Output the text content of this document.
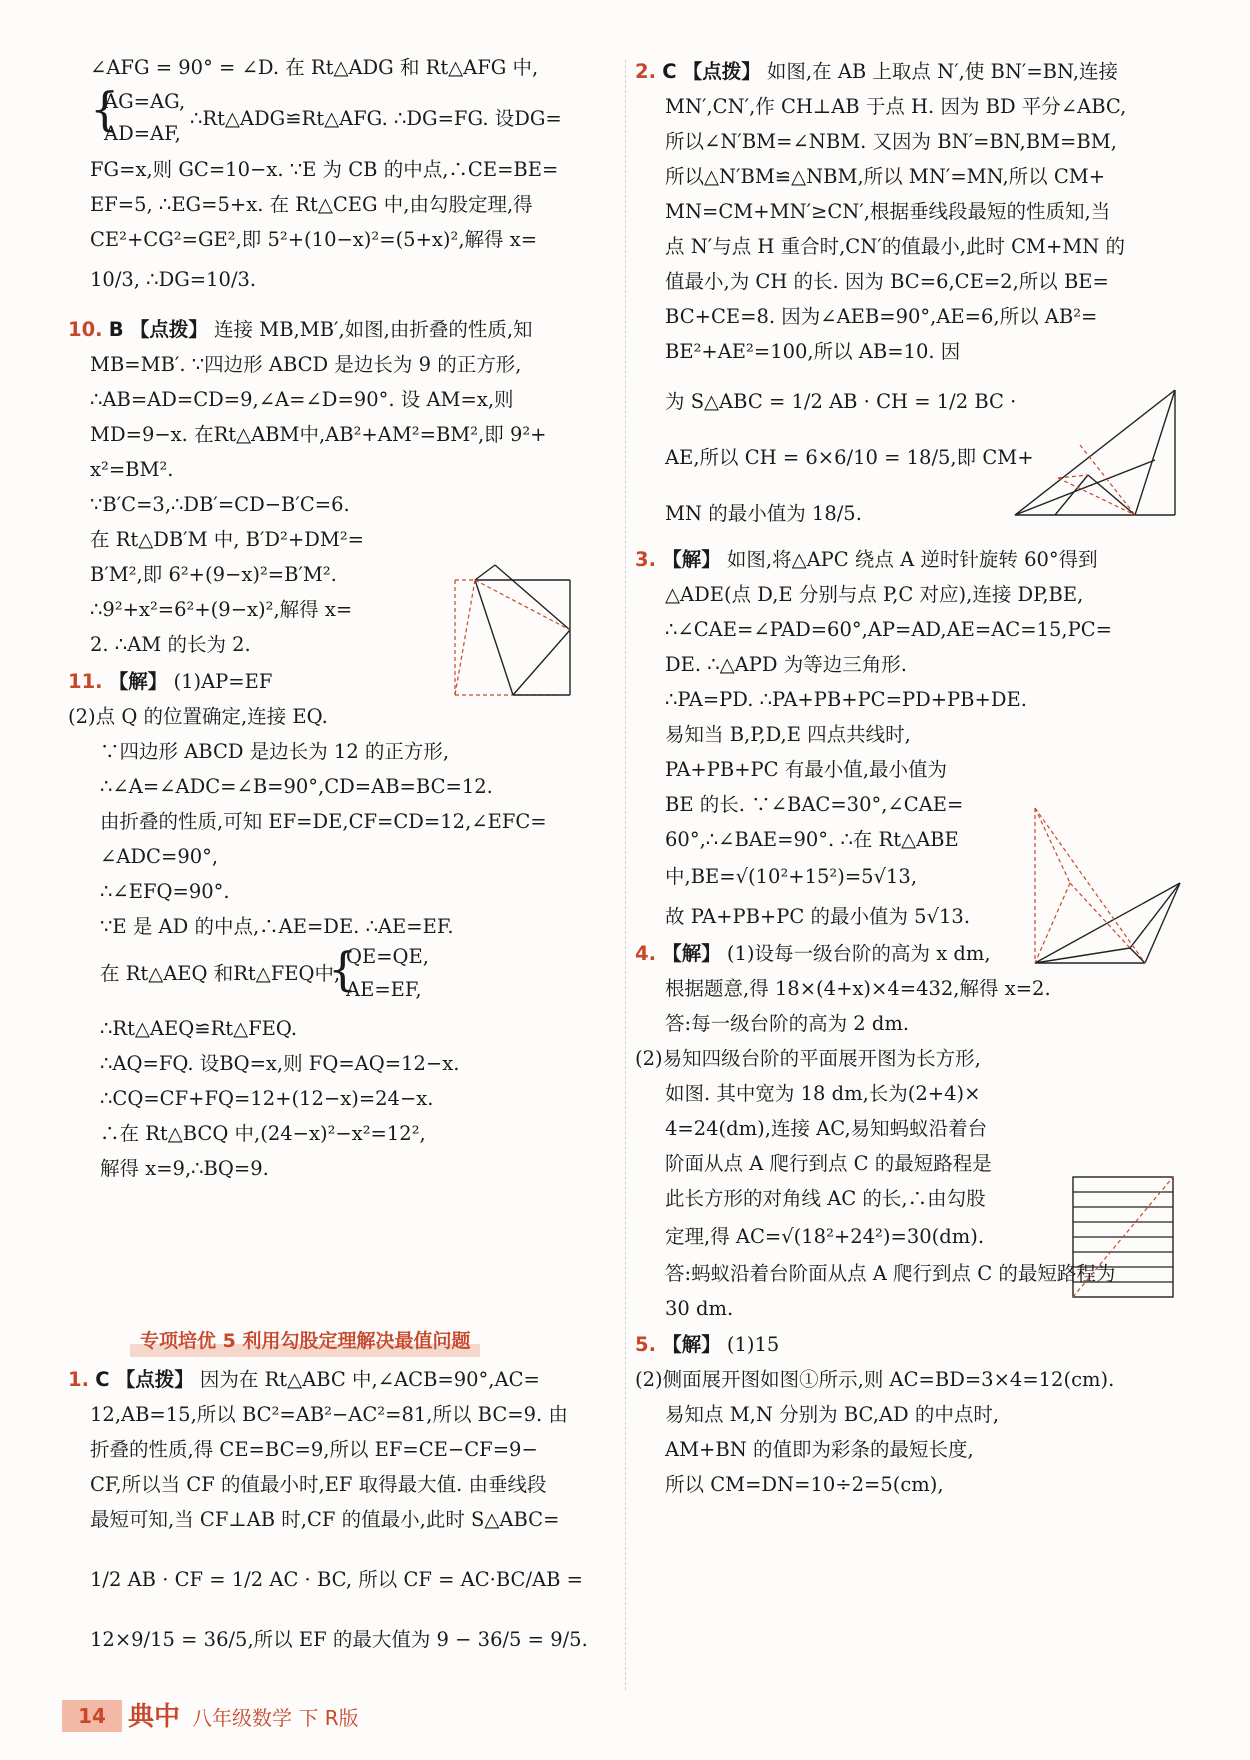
∠AFG = 90° = ∠D. 在 Rt△ADG 和 Rt△AFG 中,
{
AG=AG,
AD=AF,
∴Rt△ADG≌Rt△AFG. ∴DG=FG. 设DG=
FG=x,则 GC=10−x. ∵E 为 CB 的中点,∴CE=BE=
EF=5, ∴EG=5+x. 在 Rt△CEG 中,由勾股定理,得
CE²+CG²=GE²,即 5²+(10−x)²=(5+x)²,解得 x=
10/3, ∴DG=10/3.
10. B 【点拨】 连接 MB,MB′,如图,由折叠的性质,知
MB=MB′. ∵四边形 ABCD 是边长为 9 的正方形,
∴AB=AD=CD=9,∠A=∠D=90°. 设 AM=x,则
MD=9−x. 在Rt△ABM中,AB²+AM²=BM²,即 9²+
x²=BM².
∵B′C=3,∴DB′=CD−B′C=6.
在 Rt△DB′M 中, B′D²+DM²=
B′M²,即 6²+(9−x)²=B′M².
∴9²+x²=6²+(9−x)²,解得 x=
2. ∴AM 的长为 2.
11. 【解】 (1)AP=EF
(2)点 Q 的位置确定,连接 EQ.
∵四边形 ABCD 是边长为 12 的正方形,
∴∠A=∠ADC=∠B=90°,CD=AB=BC=12.
由折叠的性质,可知 EF=DE,CF=CD=12,∠EFC=
∠ADC=90°,
∴∠EFQ=90°.
∵E 是 AD 的中点,∴AE=DE. ∴AE=EF.
在 Rt△AEQ 和Rt△FEQ中,
{
QE=QE,
AE=EF,
∴Rt△AEQ≌Rt△FEQ.
∴AQ=FQ. 设BQ=x,则 FQ=AQ=12−x.
∴CQ=CF+FQ=12+(12−x)=24−x.
∴在 Rt△BCQ 中,(24−x)²−x²=12²,
解得 x=9,∴BQ=9.
1. C 【点拨】 因为在 Rt△ABC 中,∠ACB=90°,AC=
12,AB=15,所以 BC²=AB²−AC²=81,所以 BC=9. 由
折叠的性质,得 CE=BC=9,所以 EF=CE−CF=9−
CF,所以当 CF 的值最小时,EF 取得最大值. 由垂线段
最短可知,当 CF⊥AB 时,CF 的值最小,此时 S△ABC=
1/2 AB · CF = 1/2 AC · BC, 所以 CF = AC·BC/AB =
12×9/15 = 36/5,所以 EF 的最大值为 9 − 36/5 = 9/5.
专项培优 5 利用勾股定理解决最值问题
2. C 【点拨】 如图,在 AB 上取点 N′,使 BN′=BN,连接
MN′,CN′,作 CH⊥AB 于点 H. 因为 BD 平分∠ABC,
所以∠N′BM=∠NBM. 又因为 BN′=BN,BM=BM,
所以△N′BM≌△NBM,所以 MN′=MN,所以 CM+
MN=CM+MN′≥CN′,根据垂线段最短的性质知,当
点 N′与点 H 重合时,CN′的值最小,此时 CM+MN 的
值最小,为 CH 的长. 因为 BC=6,CE=2,所以 BE=
BC+CE=8. 因为∠AEB=90°,AE=6,所以 AB²=
BE²+AE²=100,所以 AB=10. 因
为 S△ABC = 1/2 AB · CH = 1/2 BC ·
AE,所以 CH = 6×6/10 = 18/5,即 CM+
MN 的最小值为 18/5.
3. 【解】 如图,将△APC 绕点 A 逆时针旋转 60°得到
△ADE(点 D,E 分别与点 P,C 对应),连接 DP,BE,
∴∠CAE=∠PAD=60°,AP=AD,AE=AC=15,PC=
DE. ∴△APD 为等边三角形.
∴PA=PD. ∴PA+PB+PC=PD+PB+DE.
易知当 B,P,D,E 四点共线时,
PA+PB+PC 有最小值,最小值为
BE 的长. ∵∠BAC=30°,∠CAE=
60°,∴∠BAE=90°. ∴在 Rt△ABE
中,BE=√(10²+15²)=5√13,
故 PA+PB+PC 的最小值为 5√13.
4. 【解】 (1)设每一级台阶的高为 x dm,
根据题意,得 18×(4+x)×4=432,解得 x=2.
答:每一级台阶的高为 2 dm.
(2)易知四级台阶的平面展开图为长方形,
如图. 其中宽为 18 dm,长为(2+4)×
4=24(dm),连接 AC,易知蚂蚁沿着台
阶面从点 A 爬行到点 C 的最短路程是
此长方形的对角线 AC 的长,∴由勾股
定理,得 AC=√(18²+24²)=30(dm).
答:蚂蚁沿着台阶面从点 A 爬行到点 C 的最短路程为
30 dm.
5. 【解】 (1)15
(2)侧面展开图如图①所示,则 AC=BD=3×4=12(cm).
易知点 M,N 分别为 BC,AD 的中点时,
AM+BN 的值即为彩条的最短长度,
所以 CM=DN=10÷2=5(cm),
14 典中 八年级数学 下 R版
